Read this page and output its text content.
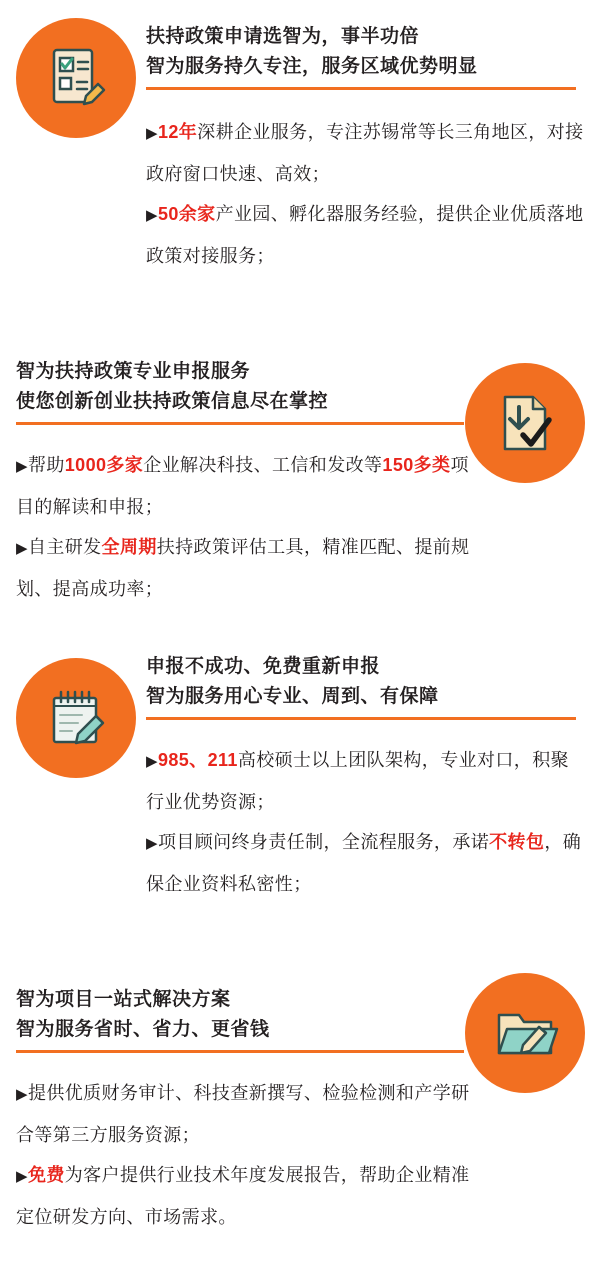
扶持政策申请选智为，事半功倍
智为服务持久专注，服务区域优势明显

▶12年深耕企业服务，专注苏锡常等长三角地区，对接政府窗口快速、高效；

▶50余家产业园、孵化器服务经验，提供企业优质落地政策对接服务；

智为扶持政策专业申报服务
使您创新创业扶持政策信息尽在掌控

▶帮助1000多家企业解决科技、工信和发改等150多类项目的解读和申报；

▶自主研发全周期扶持政策评估工具，精准匹配、提前规划、提高成功率；

申报不成功、免费重新申报
智为服务用心专业、周到、有保障

▶985、211高校硕士以上团队架构，专业对口，积聚行业优势资源；

▶项目顾问终身责任制，全流程服务，承诺不转包，确保企业资料私密性；

智为项目一站式解决方案
智为服务省时、省力、更省钱

▶提供优质财务审计、科技查新撰写、检验检测和产学研合等第三方服务资源；

▶免费为客户提供行业技术年度发展报告，帮助企业精准定位研发方向、市场需求。
